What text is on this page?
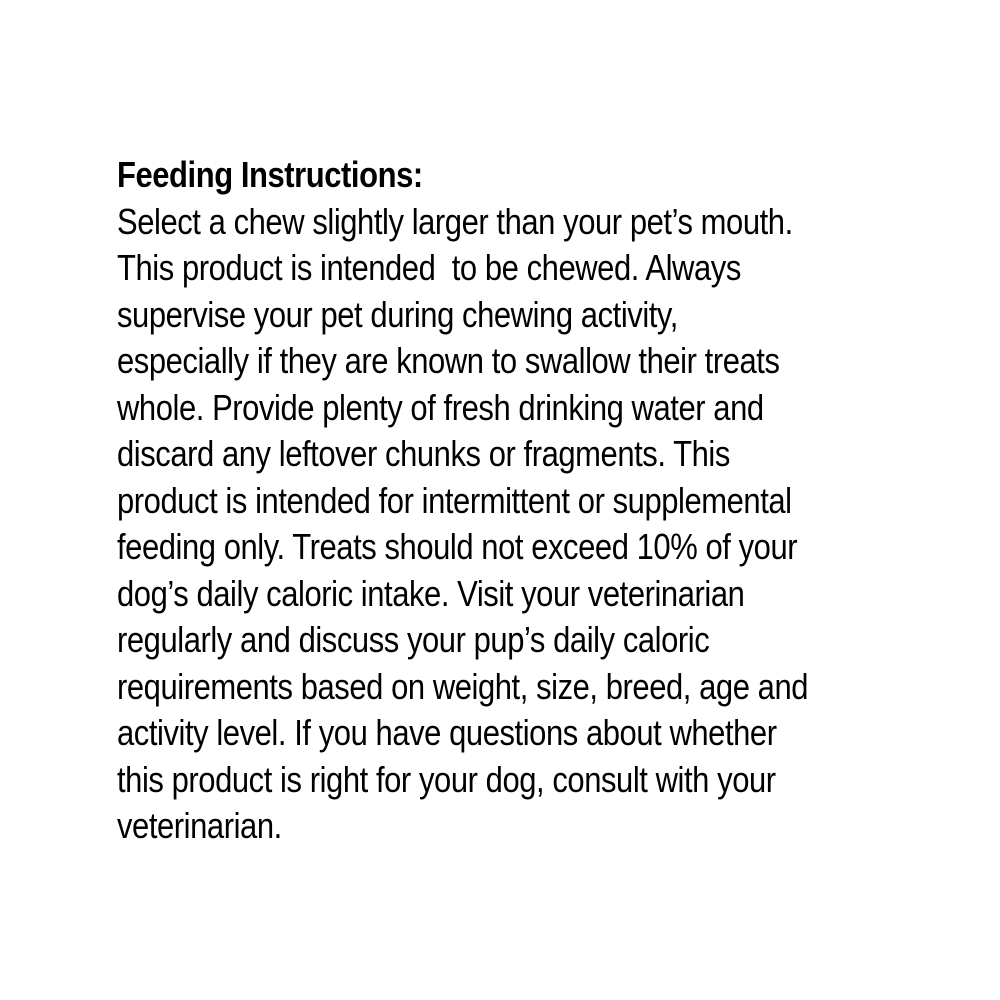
Feeding Instructions:
Select a chew slightly larger than your pet’s mouth.
This product is intended  to be chewed. Always
supervise your pet during chewing activity,
especially if they are known to swallow their treats
whole. Provide plenty of fresh drinking water and
discard any leftover chunks or fragments. This
product is intended for intermittent or supplemental
feeding only. Treats should not exceed 10% of your
dog’s daily caloric intake. Visit your veterinarian
regularly and discuss your pup’s daily caloric
requirements based on weight, size, breed, age and
activity level. If you have questions about whether
this product is right for your dog, consult with your
veterinarian.
